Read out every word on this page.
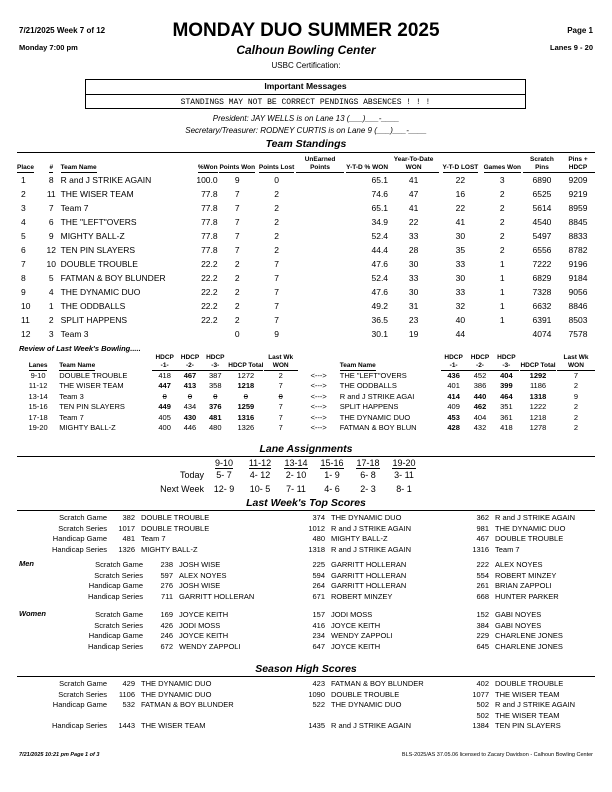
7/21/2025 Week 7 of 12	MONDAY DUO SUMMER 2025	Page 1
Monday 7:00 pm	Calhoun Bowling Center	Lanes 9 - 20
USBC Certification:
Important Messages
STANDINGS MAY NOT BE CORRECT PENDINGS ABSENCES ! ! !
President: JAY WELLS is on Lane 13 (___)___-____
Secretary/Treasurer: RODNEY CURTIS is on Lane 9 (___)___-____
Team Standings
Place	#	Team Name	%Won	Points Won	Points Lost	UnEarned Points	Y-T-D % WON	Year-To-Date WON	Y-T-D LOST	Games Won	Scratch Pins	Pins + HDCP
1	8	R and J STRIKE AGAIN	100.0	9	0		65.1	41	22	3	6890	9209
2	11	THE WISER TEAM	77.8	7	2		74.6	47	16	2	6525	9219
3	7	Team 7	77.8	7	2		65.1	41	22	2	5614	8959
4	6	THE "LEFT"OVERS	77.8	7	2		34.9	22	41	2	4540	8845
5	9	MIGHTY BALL-Z	77.8	7	2		52.4	33	30	2	5497	8833
6	12	TEN PIN SLAYERS	77.8	7	2		44.4	28	35	2	6556	8782
7	10	DOUBLE TROUBLE	22.2	2	7		47.6	30	33	1	7222	9196
8	5	FATMAN & BOY BLUNDER	22.2	2	7		52.4	33	30	1	6829	9184
9	4	THE DYNAMIC DUO	22.2	2	7		47.6	30	33	1	7328	9056
10	1	THE ODDBALLS	22.2	2	7		49.2	31	32	1	6632	8846
11	2	SPLIT HAPPENS	22.2	2	7		36.5	23	40	1	6391	8503
12	3	Team 3		0	9		30.1	19	44		4074	7578
Review of Last Week's Bowling.....
Lanes	Team Name	HDCP -1-	HDCP -2-	HDCP -3-	HDCP Total	Last Wk WON		Team Name	HDCP -1-	HDCP -2-	HDCP -3-	HDCP Total	Last Wk WON
9-10	DOUBLE TROUBLE	418	467	387	1272	2	<--->	THE "LEFT"OVERS	436	452	404	1292	7
11-12	THE WISER TEAM	447	413	358	1218	7	<--->	THE ODDBALLS	401	386	399	1186	2
13-14	Team 3	0	0	0	0	0	<--->	R and J STRIKE AGAI	414	440	464	1318	9
15-16	TEN PIN SLAYERS	449	434	376	1259	7	<--->	SPLIT HAPPENS	409	462	351	1222	2
17-18	Team 7	405	430	481	1316	7	<--->	THE DYNAMIC DUO	453	404	361	1218	2
19-20	MIGHTY BALL-Z	400	446	480	1326	7	<--->	FATMAN & BOY BLUN	428	432	418	1278	2
Lane Assignments
	9-10	11-12	13-14	15-16	17-18	19-20
Today	5- 7	4- 12	2- 10	1- 9	6- 8	3- 11
Next Week	12- 9	10- 5	7- 11	4- 6	2- 3	8- 1
Last Week's Top Scores
Scratch Game	382	DOUBLE TROUBLE	374	THE DYNAMIC DUO	362	R and J STRIKE AGAIN
Scratch Series	1017	DOUBLE TROUBLE	1012	R and J STRIKE AGAIN	981	THE DYNAMIC DUO
Handicap Game	481	Team 7	480	MIGHTY BALL-Z	467	DOUBLE TROUBLE
Handicap Series	1326	MIGHTY BALL-Z	1318	R and J STRIKE AGAIN	1316	Team 7
Men	Scratch Game	238	JOSH WISE	225	GARRITT HOLLERAN	222	ALEX NOYES
Scratch Series	597	ALEX NOYES	594	GARRITT HOLLERAN	554	ROBERT MINZEY
Handicap Game	276	JOSH WISE	264	GARRITT HOLLERAN	261	BRIAN ZAPPOLI
Handicap Series	711	GARRITT HOLLERAN	671	ROBERT MINZEY	668	HUNTER PARKER
Women	Scratch Game	169	JOYCE KEITH	157	JODI MOSS	152	GABI NOYES
Scratch Series	426	JODI MOSS	416	JOYCE KEITH	384	GABI NOYES
Handicap Game	246	JOYCE KEITH	234	WENDY ZAPPOLI	229	CHARLENE JONES
Handicap Series	672	WENDY ZAPPOLI	647	JOYCE KEITH	645	CHARLENE JONES
Season High Scores
Scratch Game	429	THE DYNAMIC DUO	423	FATMAN & BOY BLUNDER	402	DOUBLE TROUBLE
Scratch Series	1106	THE DYNAMIC DUO	1090	DOUBLE TROUBLE	1077	THE WISER TEAM
Handicap Game	532	FATMAN & BOY BLUNDER	522	THE DYNAMIC DUO	502	R and J STRIKE AGAIN
					502	THE WISER TEAM
Handicap Series	1443	THE WISER TEAM	1435	R and J STRIKE AGAIN	1384	TEN PIN SLAYERS
7/21/2025 10:21 pm Page 1 of 3	BLS-2025/AS 37.05.06 licensed to Zacary Davidson - Calhoun Bowling Center
